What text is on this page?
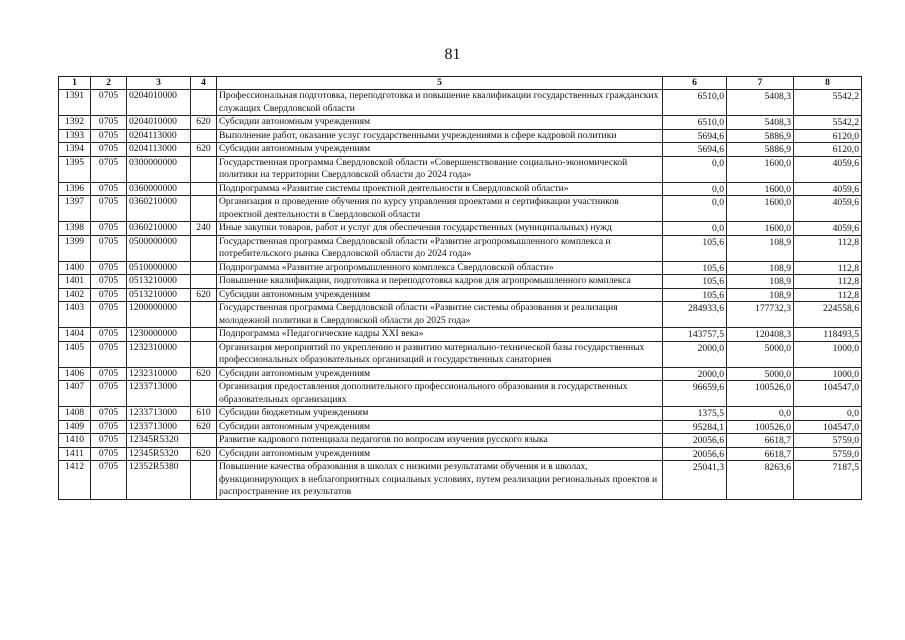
81
1	2	3	4	5	6	7	8
1391	0705	0204010000		Профессиональная подготовка, переподготовка и повышение квалификации государственных гражданских служащих Свердловской области	6510,0	5408,3	5542,2

1392	0705	0204010000	620	Субсидии автономным учреждениям	6510,0	5408,3	5542,2

1393	0705	0204113000		Выполнение работ, оказание услуг государственными учреждениями в сфере кадровой политики	5694,6	5886,9	6120,0

1394	0705	0204113000	620	Субсидии автономным учреждениям	5694,6	5886,9	6120,0

1395	0705	0300000000		Государственная программа Свердловской области «Совершенствование социально-экономической политики на территории Свердловской области до 2024 года»	0,0	1600,0	4059,6

1396	0705	0360000000		Подпрограмма «Развитие системы проектной деятельности в Свердловской области»	0,0	1600,0	4059,6

1397	0705	0360210000		Организация и проведение обучения по курсу управления проектами и сертификации участников проектной деятельности в Свердловской области	0,0	1600,0	4059,6

1398	0705	0360210000	240	Иные закупки товаров, работ и услуг для обеспечения государственных (муниципальных) нужд	0,0	1600,0	4059,6

1399	0705	0500000000		Государственная программа Свердловской области «Развитие агропромышленного комплекса и потребительского рынка Свердловской области до 2024 года»	105,6	108,9	112,8

1400	0705	0510000000		Подпрограмма «Развитие агропромышленного комплекса Свердловской области»	105,6	108,9	112,8

1401	0705	0513210000		Повышение квалификации, подготовка и переподготовка кадров для агропромышленного комплекса	105,6	108,9	112,8

1402	0705	0513210000	620	Субсидии автономным учреждениям	105,6	108,9	112,8

1403	0705	1200000000		Государственная программа Свердловской области «Развитие системы образования и реализация молодежной политики в Свердловской области до 2025 года»	284933,6	177732,3	224558,6

1404	0705	1230000000		Подпрограмма «Педагогические кадры XXI века»	143757,5	120408,3	118493,5

1405	0705	1232310000		Организация мероприятий по укреплению и развитию материально-технической базы государственных профессиональных образовательных организаций и государственных санаториев	2000,0	5000,0	1000,0

1406	0705	1232310000	620	Субсидии автономным учреждениям	2000,0	5000,0	1000,0

1407	0705	1233713000		Организация предоставления дополнительного профессионального образования в государственных образовательных организациях	96659,6	100526,0	104547,0

1408	0705	1233713000	610	Субсидии бюджетным учреждениям	1375,5	0,0	0,0

1409	0705	1233713000	620	Субсидии автономным учреждениям	95284,1	100526,0	104547,0

1410	0705	12345R5320		Развитие кадрового потенциала педагогов по вопросам изучения русского языка	20056,6	6618,7	5759,0

1411	0705	12345R5320	620	Субсидии автономным учреждениям	20056,6	6618,7	5759,0

1412	0705	12352R5380		Повышение качества образования в школах с низкими результатами обучения и в школах, функционирующих в неблагоприятных социальных условиях, путем реализации региональных проектов и распространение их результатов	25041,3	8263,6	7187,5
